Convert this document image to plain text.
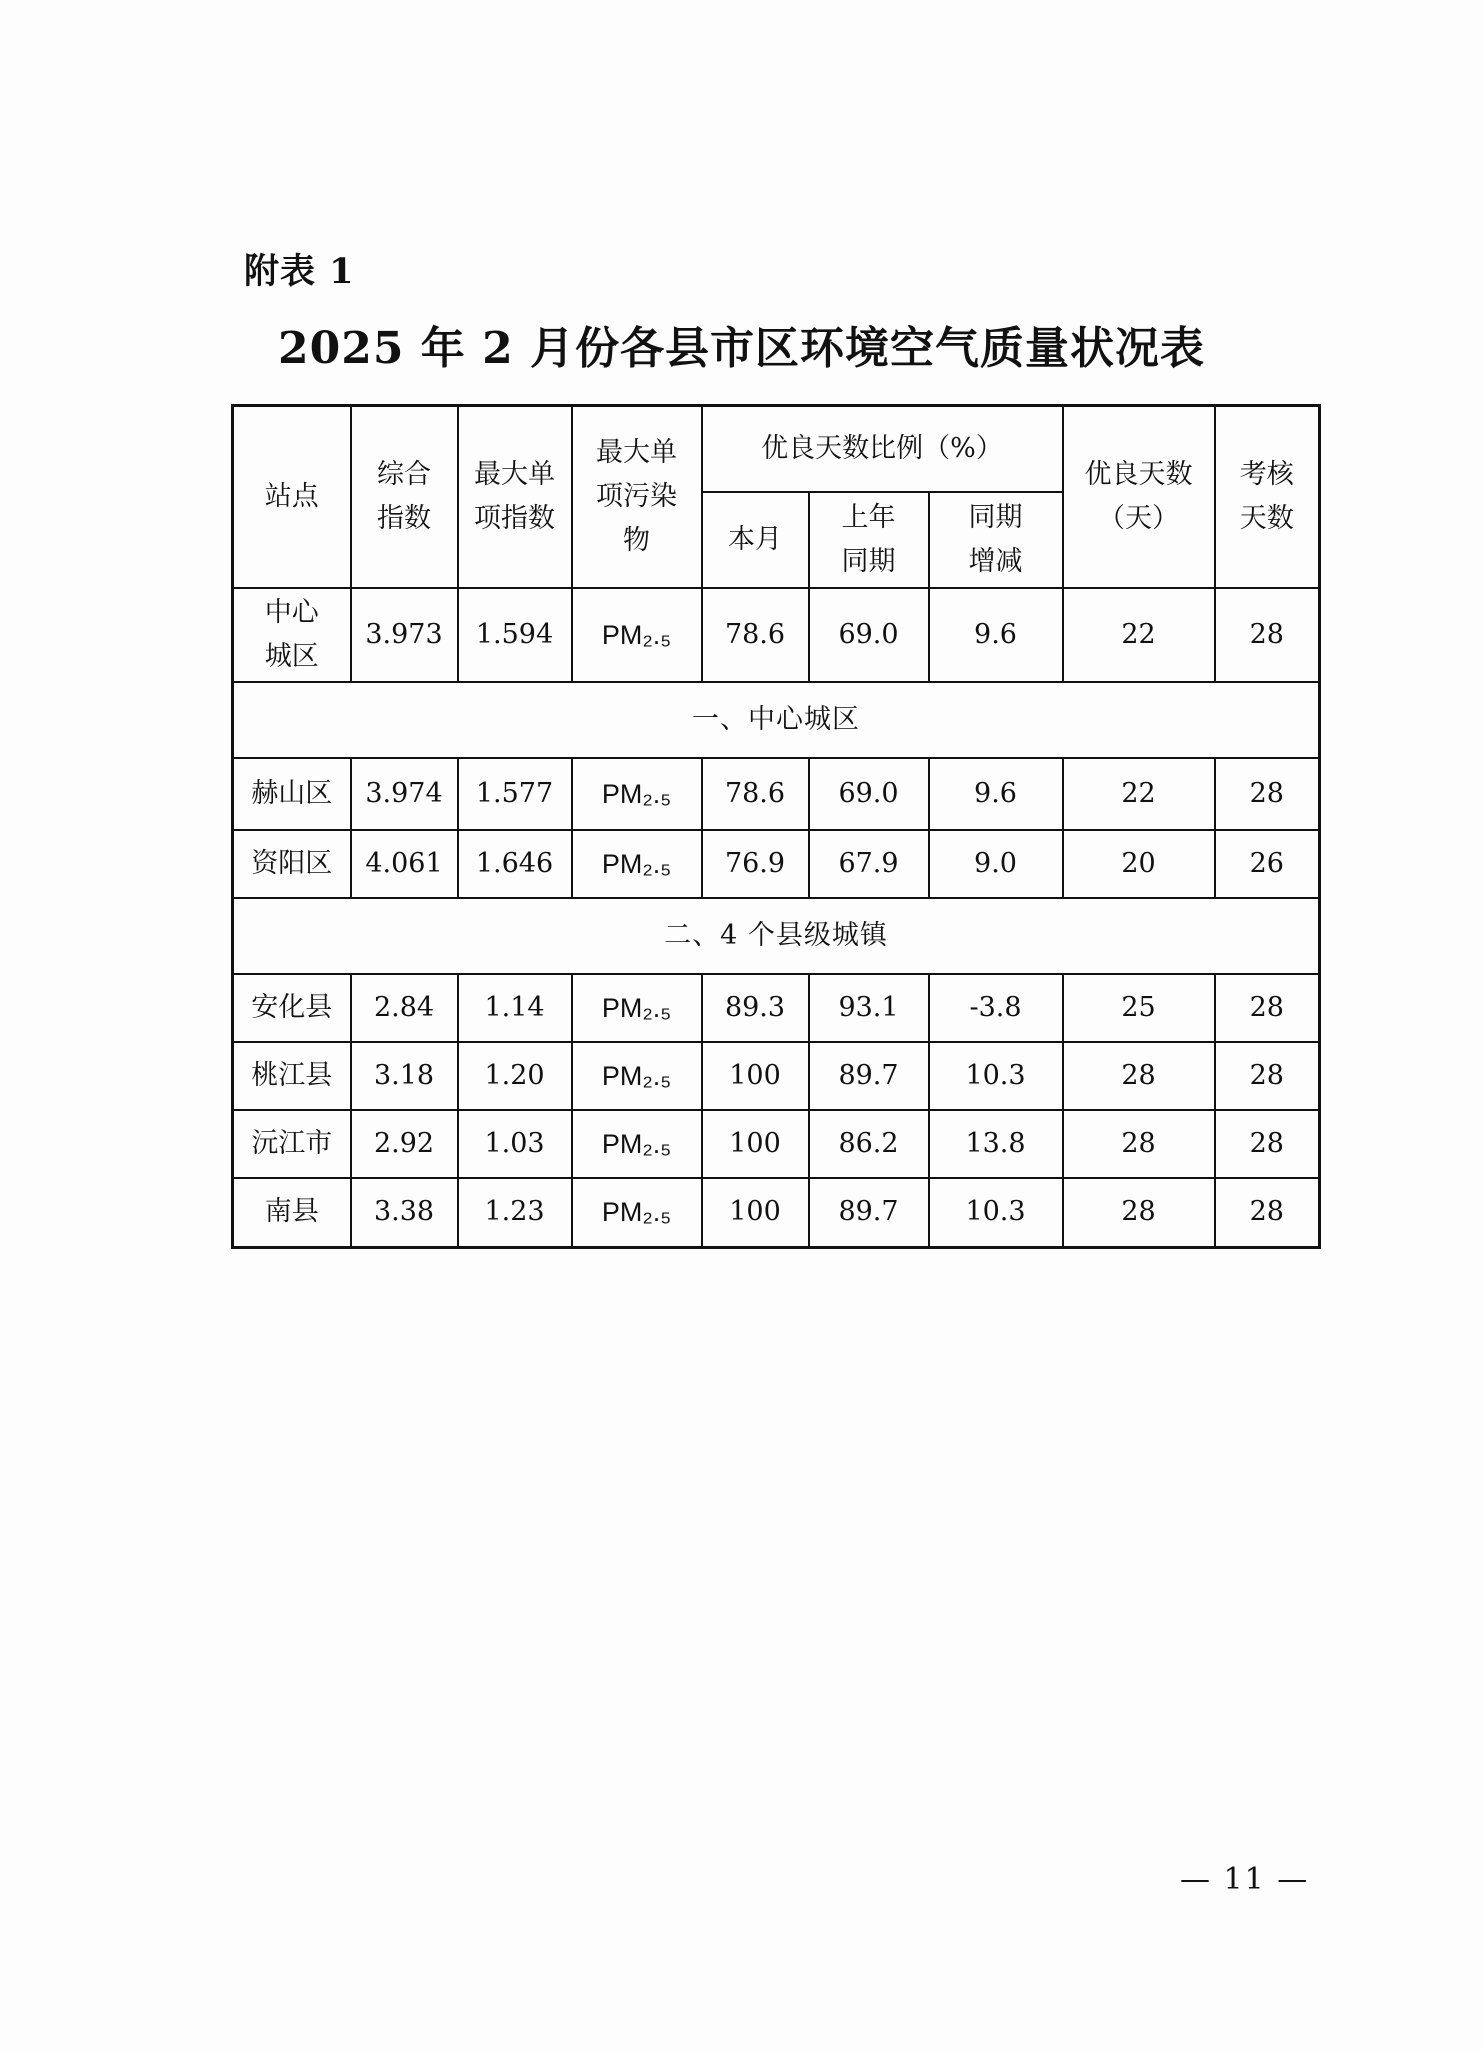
附表 1
2025 年 2 月份各县市区环境空气质量状况表
站点	综合指数	最大单项指数	最大单项污染物	优良天数比例（%）			优良天数（天）	考核天数
				本月	上年同期	同期增减		
中心城区	3.973	1.594	PM₂.₅	78.6	69.0	9.6	22	28
一、中心城区								
赫山区	3.974	1.577	PM₂.₅	78.6	69.0	9.6	22	28
资阳区	4.061	1.646	PM₂.₅	76.9	67.9	9.0	20	26
二、4 个县级城镇								
安化县	2.84	1.14	PM₂.₅	89.3	93.1	-3.8	25	28
桃江县	3.18	1.20	PM₂.₅	100	89.7	10.3	28	28
沅江市	2.92	1.03	PM₂.₅	100	86.2	13.8	28	28
南县	3.38	1.23	PM₂.₅	100	89.7	10.3	28	28
— 11 —
